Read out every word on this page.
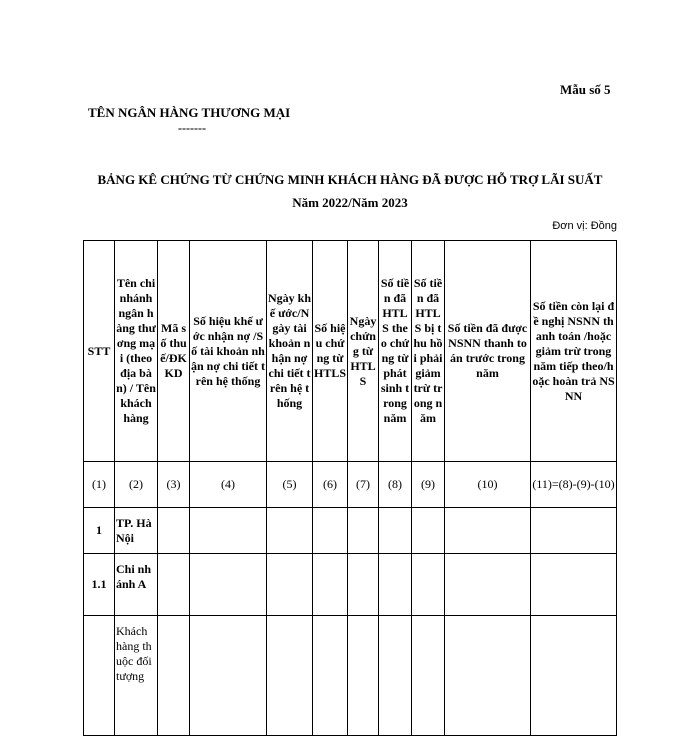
Mẫu số 5
TÊN NGÂN HÀNG THƯƠNG MẠI
-------
BẢNG KÊ CHỨNG TỪ CHỨNG MINH KHÁCH HÀNG ĐÃ ĐƯỢC HỖ TRỢ LÃI SUẤT
Năm 2022/Năm 2023
Đơn vị: Đồng
STT	Tên chi nhánh ngân hàng thương mại (theo địa bàn) / Tên khách hàng	Mã số thuế/ĐKKD	Số hiệu khế ước nhận nợ /Số tài khoản nhận nợ chi tiết trên hệ thống	Ngày khế ước/Ngày tài khoản nhận nợ chi tiết trên hệ thống	Số hiệu chứng từ HTLS	Ngày chứng từ HTLS	Số tiền đã HTLS theo chứng từ phát sinh trong năm	Số tiền đã HTLS bị thu hồi phải giảm trừ trong năm	Số tiền đã được NSNN thanh toán trước trong năm	Số tiền còn lại đề nghị NSNN thanh toán /hoặc giảm trừ trong năm tiếp theo/hoặc hoàn trả NSNN
(1)	(2)	(3)	(4)	(5)	(6)	(7)	(8)	(9)	(10)	(11)=(8)-(9)-(10)
1	TP. Hà Nội									
1.1	Chi nhánh A									
	Khách hàng thuộc đối tượng									
